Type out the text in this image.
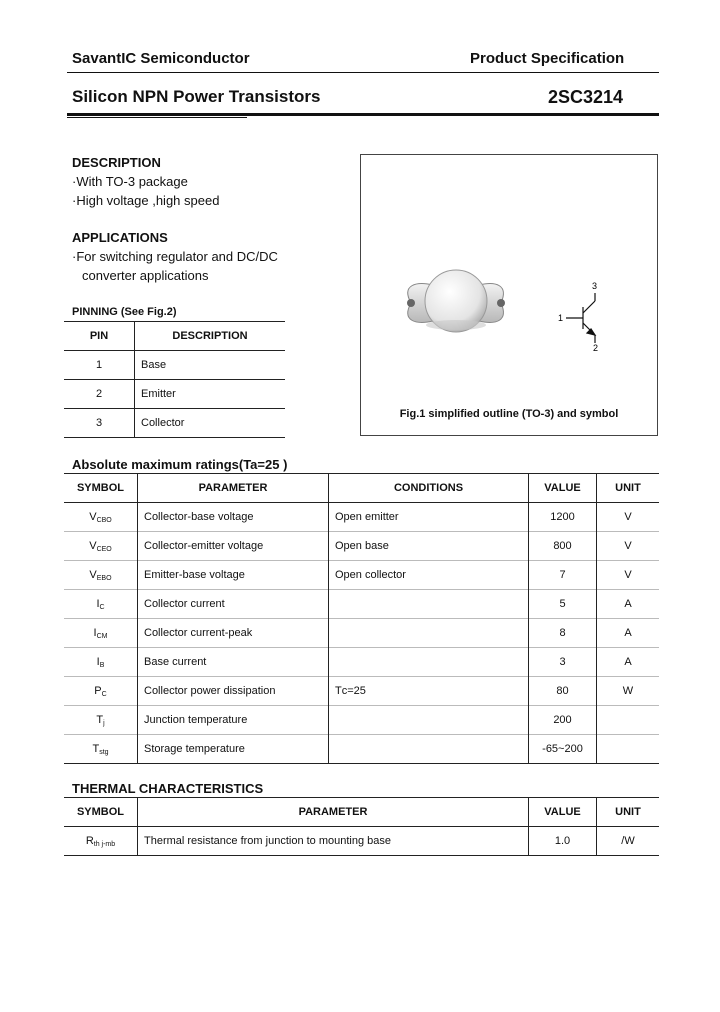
SavantIC Semiconductor	Product Specification
Silicon NPN Power Transistors	2SC3214
DESCRIPTION
·With TO-3 package
·High voltage ,high speed
APPLICATIONS
·For switching regulator and DC/DC
converter applications
PINNING (See Fig.2)
PIN	DESCRIPTION
1	Base
2	Emitter
3	Collector
1
2
3
Fig.1 simplified outline (TO-3) and symbol
Absolute maximum ratings(Ta=25 )
SYMBOL	PARAMETER	CONDITIONS	VALUE	UNIT
$V_{CBO}$	Collector-base voltage	Open emitter	1200	V
$V_{CEO}$	Collector-emitter voltage	Open base	800	V
$V_{EBO}$	Emitter-base voltage	Open collector	7	V
$I_C$	Collector current		5	A
$I_{CM}$	Collector current-peak		8	A
$I_B$	Base current		3	A
$P_C$	Collector power dissipation	Tᴄ=25	80	W
$T_j$	Junction temperature		200	
$T_{stg}$	Storage temperature		-65~200	
THERMAL CHARACTERISTICS
SYMBOL	PARAMETER	VALUE	UNIT
$R_{th j-mb}$	Thermal resistance from junction to mounting base	1.0	/W
